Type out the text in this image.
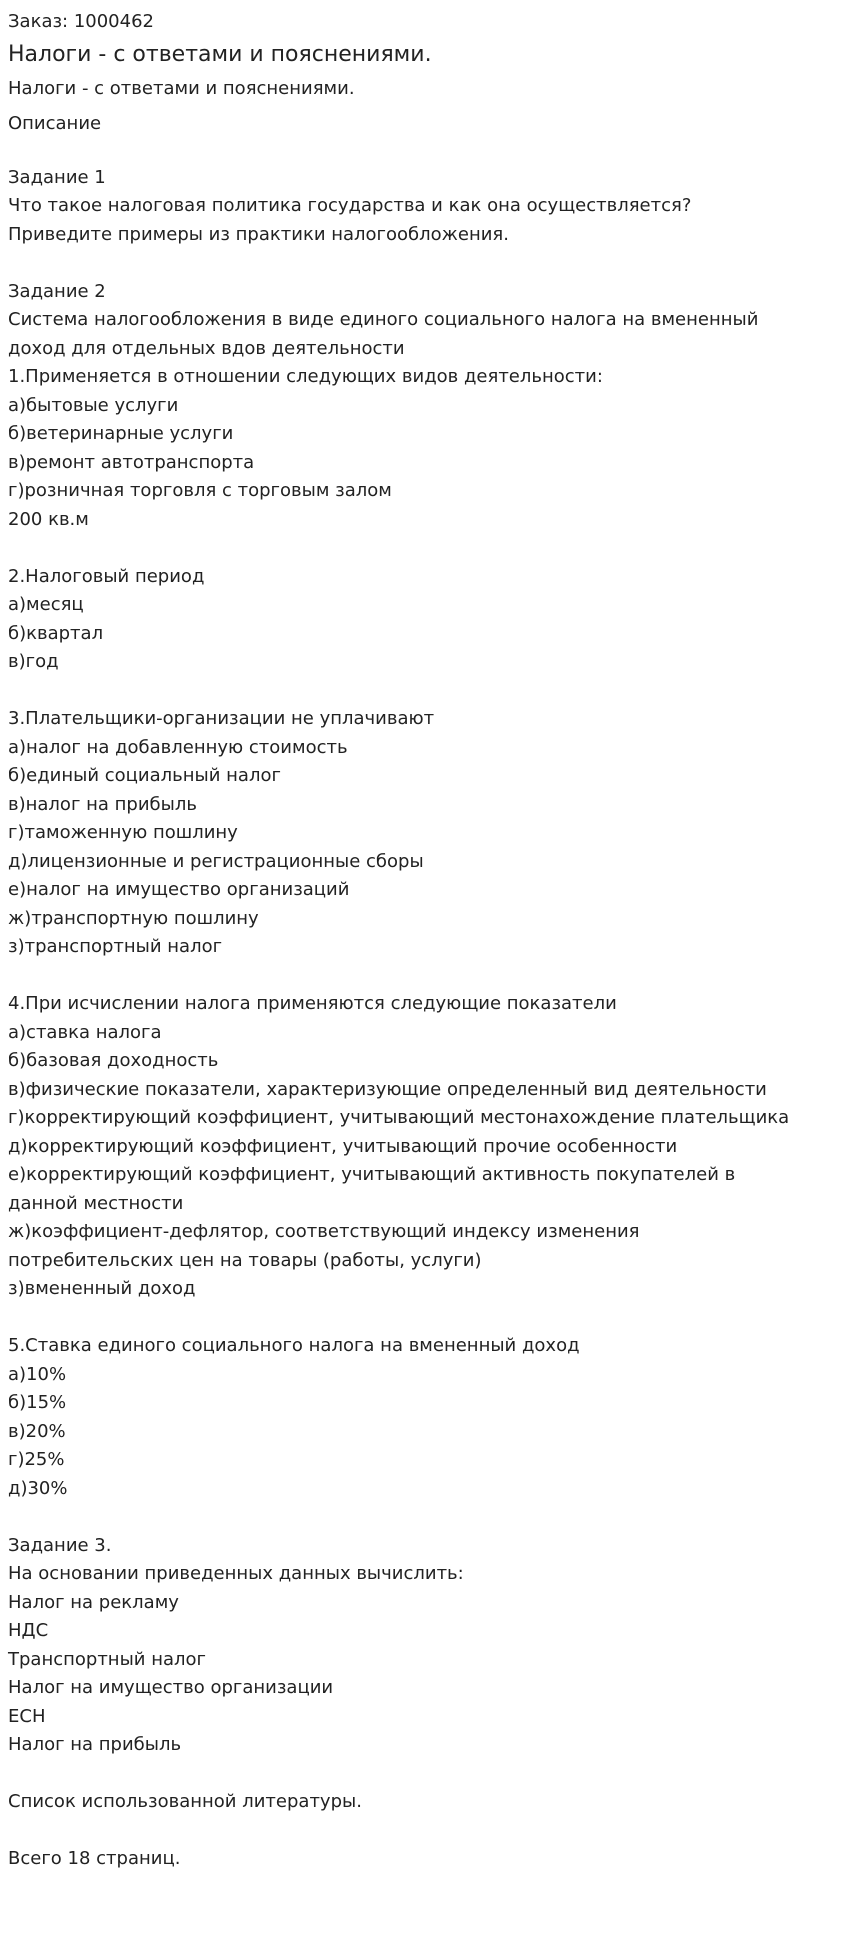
Заказ: 1000462
Налоги - с ответами и пояснениями.
Налоги - с ответами и пояснениями.
Описание
Задание 1
Что такое налоговая политика государства и как она осуществляется?
Приведите примеры из практики налогообложения.
Задание 2
Система налогообложения в виде единого социального налога на вмененный
доход для отдельных вдов деятельности
1.Применяется в отношении следующих видов деятельности:
а)бытовые услуги
б)ветеринарные услуги
в)ремонт автотранспорта
г)розничная торговля с торговым залом
200 кв.м
2.Налоговый период
а)месяц
б)квартал
в)год
3.Плательщики-организации не уплачивают
а)налог на добавленную стоимость
б)единый социальный налог
в)налог на прибыль
г)таможенную пошлину
д)лицензионные и регистрационные сборы
е)налог на имущество организаций
ж)транспортную пошлину
з)транспортный налог
4.При исчислении налога применяются следующие показатели
а)ставка налога
б)базовая доходность
в)физические показатели, характеризующие определенный вид деятельности
г)корректирующий коэффициент, учитывающий местонахождение плательщика
д)корректирующий коэффициент, учитывающий прочие особенности
е)корректирующий коэффициент, учитывающий активность покупателей в
данной местности
ж)коэффициент-дефлятор, соответствующий индексу изменения
потребительских цен на товары (работы, услуги)
з)вмененный доход
5.Ставка единого социального налога на вмененный доход
а)10%
б)15%
в)20%
г)25%
д)30%
Задание 3.
На основании приведенных данных вычислить:
Налог на рекламу
НДС
Транспортный налог
Налог на имущество организации
ЕСН
Налог на прибыль
Список использованной литературы.
Всего 18 страниц.
